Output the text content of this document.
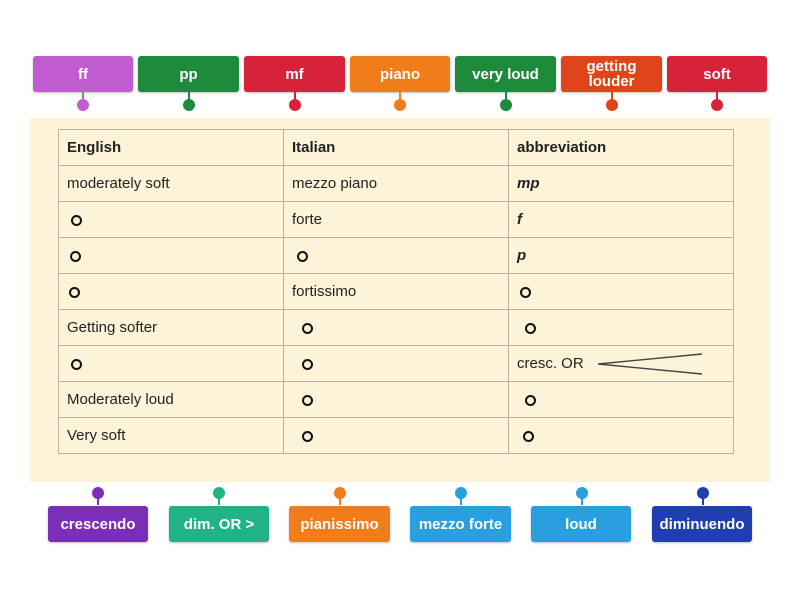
ff	pp	mf	piano	very loud	getting louder	soft
English	Italian	abbreviation
moderately soft	mezzo piano	mp
	forte	f
		p
	fortissimo	
Getting softer		
		cresc. OR
Moderately loud		
Very soft		
crescendo	dim. OR >	pianissimo	mezzo forte	loud	diminuendo
